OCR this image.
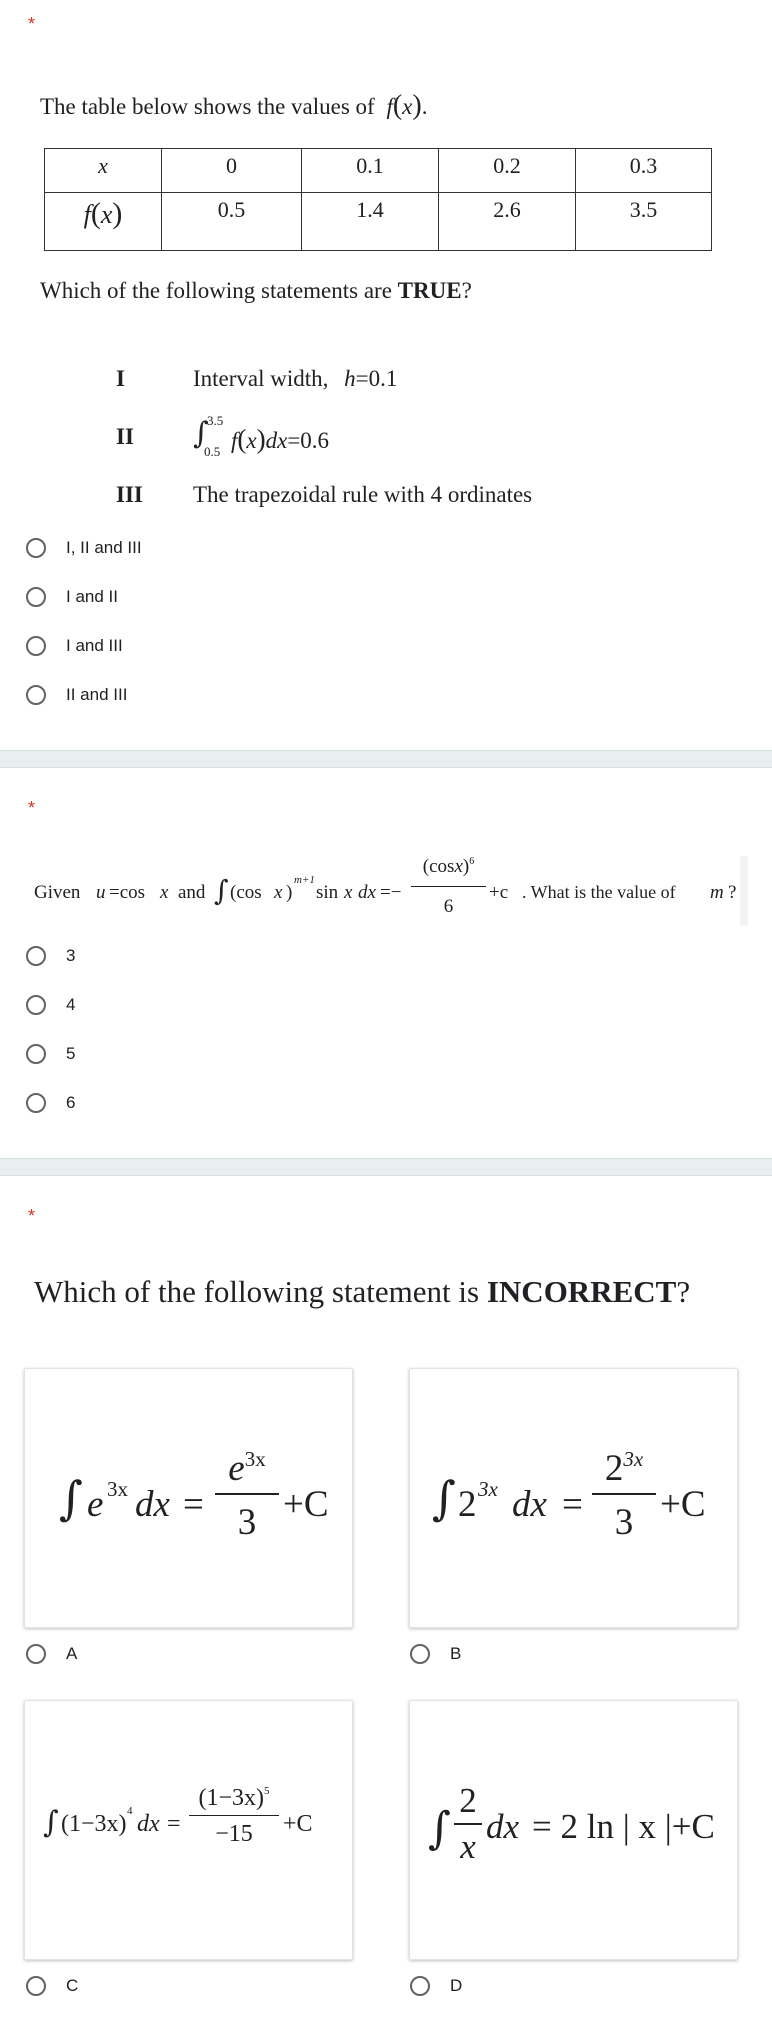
*
The table below shows the values of f(x).
x	0	0.1	0.2	0.3
f(x)	0.5	1.4	2.6	3.5
Which of the following statements are TRUE?
I	Interval width, h=0.1
II ∫
3.5
0.5 f(x)dx=0.6
III The trapezoidal rule with 4 ordinates
I, II and III
I and II
I and III
II and III
*
Given u =cos x and ∫ (cos x )
m+1
sin x dx =−
$(\cos x)^6$
6
+c . What is the value of m ?
3
4
5
6
*
Which of the following statement is INCORRECT?
∫ e 3x dx =
$e^{3x}$
3 +C
A
∫ 2 3x dx =
$2^{3x}$
3 +C
B
∫ (1−3x) 4 dx =
$(1-3x)^5$
−15	+C
C
∫
2
x
dx = 2 ln | x |+C
D
